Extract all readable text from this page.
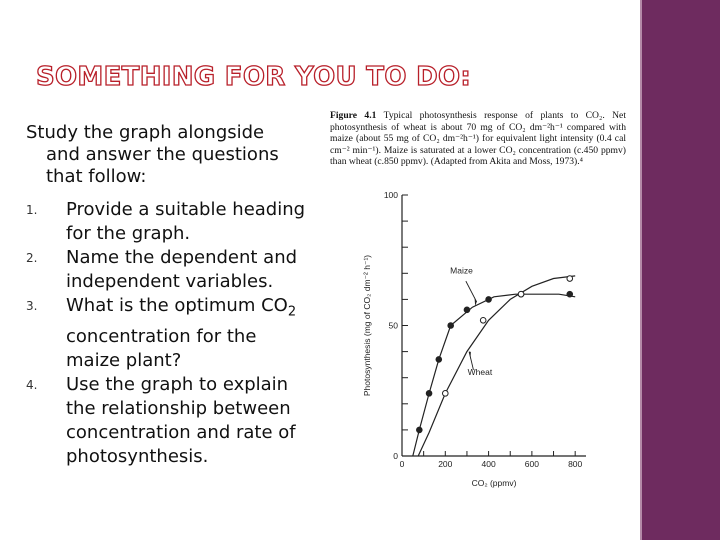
SOMETHING FOR YOU TO DO:
Study the graph alongside
and answer the questions
that follow:
1. Provide a suitable heading
for the graph.
2. Name the dependent and
independent variables.
3. What is the optimum $CO_2$
concentration for the
maize plant?
4. Use the graph to explain
the relationship between
concentration and rate of
photosynthesis.
Figure 4.1 Typical photosynthesis response of plants to CO₂. Net photosynthesis of wheat is about 70 mg of CO₂ dm⁻²h⁻¹ compared with maize (about 55 mg of CO₂ dm⁻²h⁻¹) for equivalent light intensity (0.4 cal cm⁻² min⁻¹). Maize is saturated at a lower CO₂ concentration (c.450 ppmv) than wheat (c.850 ppmv). (Adapted from Akita and Moss, 1973).⁴
0
50
100
0	200	400	600	800
CO₂ (ppmv)
Photosynthesis (mg of CO₂ dm⁻² h⁻¹)	Maize
Wheat
